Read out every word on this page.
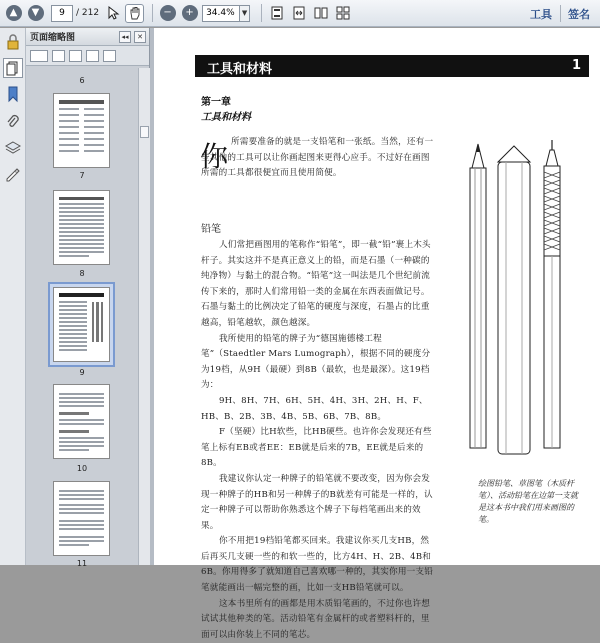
▲	▼	9	/ 212	−	+	34.4%	▼	工具 签名
页面缩略图	◂◂	✕
6
7
8
9
10
11
工具和材料	1
第一章
工具和材料
你 所需要准备的就是一支铅笔和一张纸。当然，还有一些其他的工具可以让你画起图来更得心应手。不过好在画图所需的工具都很便宜而且使用简便。
铅笔

人们常把画图用的笔称作“铅笔”，即一截“铅”裹上木头杆子。其实这并不是真正意义上的铅，而是石墨（一种碳的纯净物）与黏土的混合物。“铅笔”这一叫法是几个世纪前流传下来的，那时人们常用铅一类的金属在东西表面做记号。石墨与黏土的比例决定了铅笔的硬度与深度，石墨占的比重越高，铅笔越软，颜色越深。

我所使用的铅笔的牌子为“德国施德楼工程笔”（Staedtler Mars Lumograph），根据不同的硬度分为19档，从9H（最硬）到8B（最软，也是最深）。这19档为：

9H、8H、7H、6H、5H、4H、3H、2H、H、F、HB、B、2B、3B、4B、5B、6B、7B、8B。

F（坚硬）比H软些，比HB硬些。也许你会发现还有些笔上标有EB或者EE：EB就是后来的7B，EE就是后来的8B。

我建议你认定一种牌子的铅笔就不要改变，因为你会发现一种牌子的HB和另一种牌子的B就差有可能是一样的，认定一种牌子可以帮助你熟悉这个牌子下每档笔画出来的效果。

你不用把19档铅笔都买回来。我建议你买几支HB，然后再买几支硬一些的和软一些的，比方4H、H、2B、4B和6B。你用得多了就知道自己喜欢哪一种的，其实你用一支铅笔就能画出一幅完整的画，比如一支HB铅笔就可以。

这本书里所有的画都是用木质铅笔画的，不过你也许想试试其他种类的笔。活动铅笔有金属杆的或者塑料杆的，里面可以由你装上不同的笔芯。

绘图铅笔、草图笔（木质杆笔）、活动铅笔在边第一支就是这本书中我们用来画图的笔。
